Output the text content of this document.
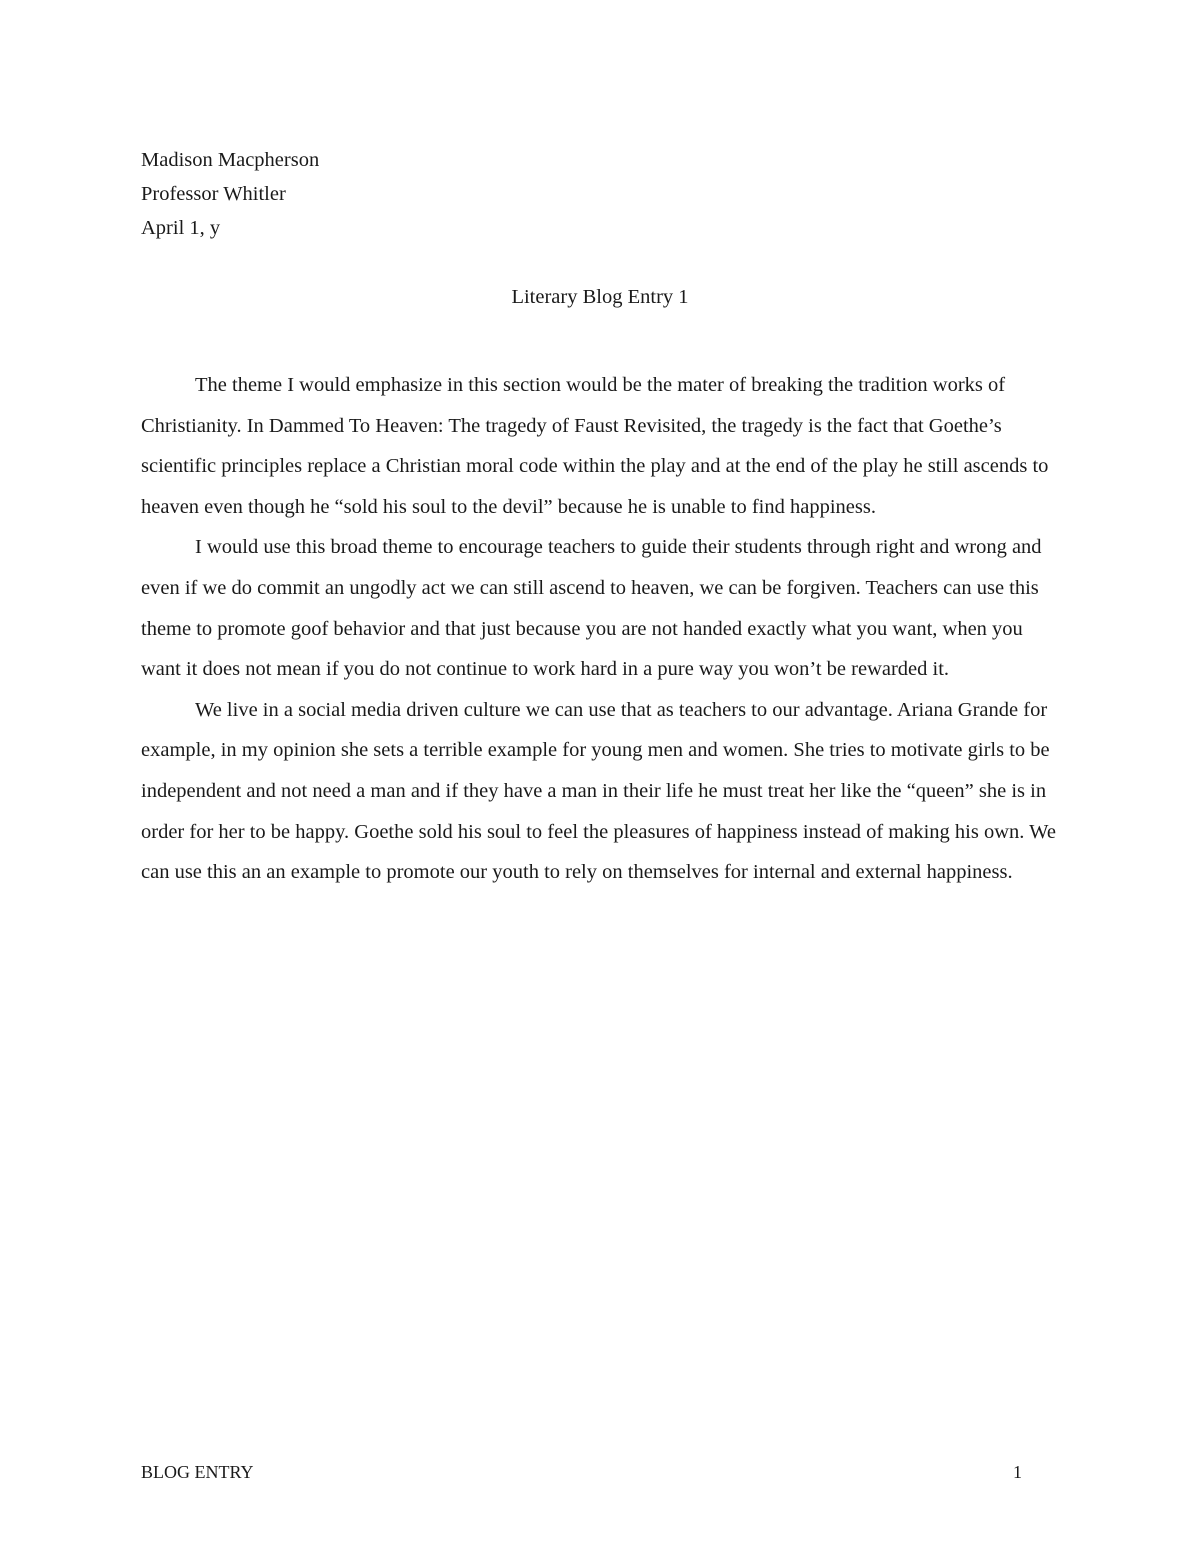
Madison Macpherson
Professor Whitler
April 1, y
Literary Blog Entry 1

The theme I would emphasize in this section would be the mater of breaking the tradition works of Christianity. In Dammed To Heaven: The tragedy of Faust Revisited, the tragedy is the fact that Goethe’s scientific principles replace a Christian moral code within the play and at the end of the play he still ascends to heaven even though he “sold his soul to the devil” because he is unable to find happiness.

I would use this broad theme to encourage teachers to guide their students through right and wrong and even if we do commit an ungodly act we can still ascend to heaven, we can be forgiven. Teachers can use this theme to promote goof behavior and that just because you are not handed exactly what you want, when you want it does not mean if you do not continue to work hard in a pure way you won’t be rewarded it.

We live in a social media driven culture we can use that as teachers to our advantage. Ariana Grande for example, in my opinion she sets a terrible example for young men and women. She tries to motivate girls to be independent and not need a man and if they have a man in their life he must treat her like the “queen” she is in order for her to be happy. Goethe sold his soul to feel the pleasures of happiness instead of making his own. We can use this an an example to promote our youth to rely on themselves for internal and external happiness.

BLOG ENTRY	1
